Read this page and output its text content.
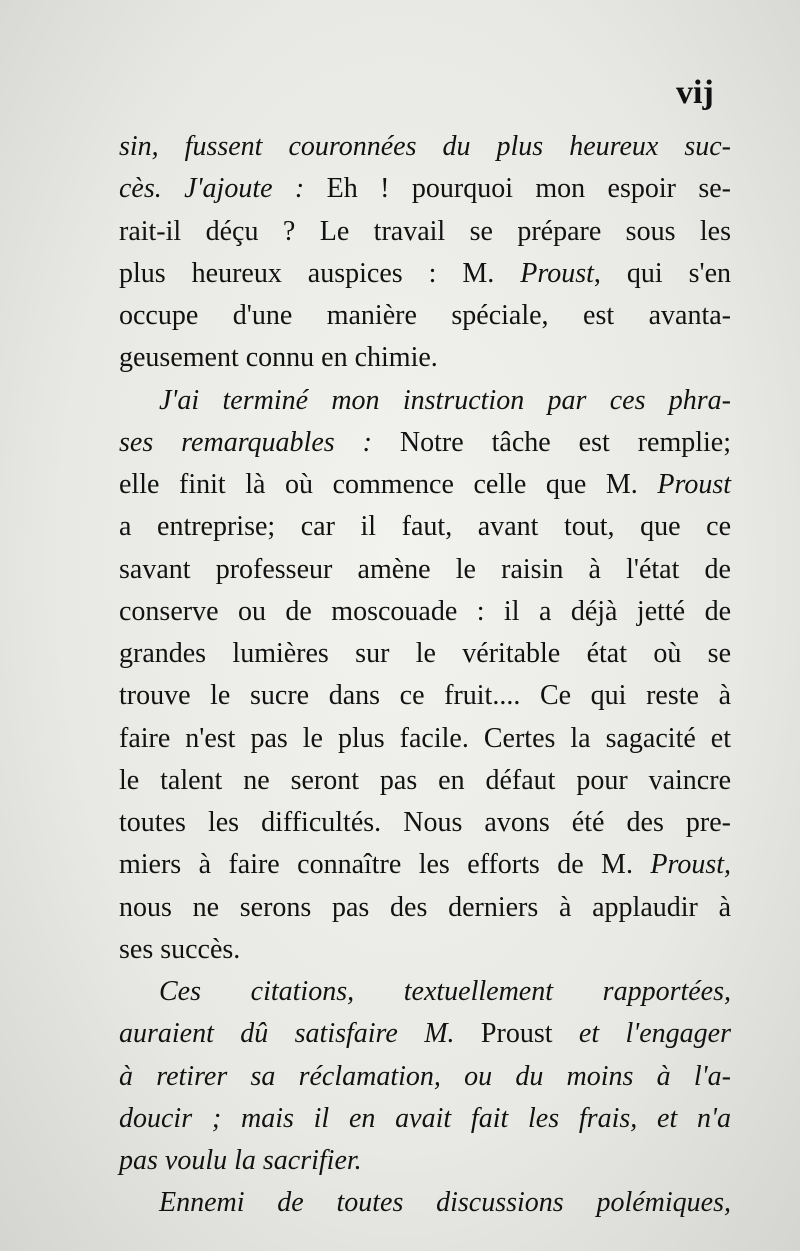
vij
sin, fussent couronnées du plus heureux suc-
cès. J'ajoute : Eh ! pourquoi mon espoir se-
rait-il déçu ? Le travail se prépare sous les
plus heureux auspices : M. Proust, qui s'en
occupe d'une manière spéciale, est avanta-
geusement connu en chimie.
J'ai terminé mon instruction par ces phra-
ses remarquables : Notre tâche est remplie;
elle finit là où commence celle que M. Proust
a entreprise; car il faut, avant tout, que ce
savant professeur amène le raisin à l'état de
conserve ou de moscouade : il a déjà jetté de
grandes lumières sur le véritable état où se
trouve le sucre dans ce fruit.... Ce qui reste à
faire n'est pas le plus facile. Certes la sagacité et
le talent ne seront pas en défaut pour vaincre
toutes les difficultés. Nous avons été des pre-
miers à faire connaître les efforts de M. Proust,
nous ne serons pas des derniers à applaudir à
ses succès.
Ces citations, textuellement rapportées,
auraient dû satisfaire M. Proust et l'engager
à retirer sa réclamation, ou du moins à l'a-
doucir ; mais il en avait fait les frais, et n'a
pas voulu la sacrifier.
Ennemi de toutes discussions polémiques,
